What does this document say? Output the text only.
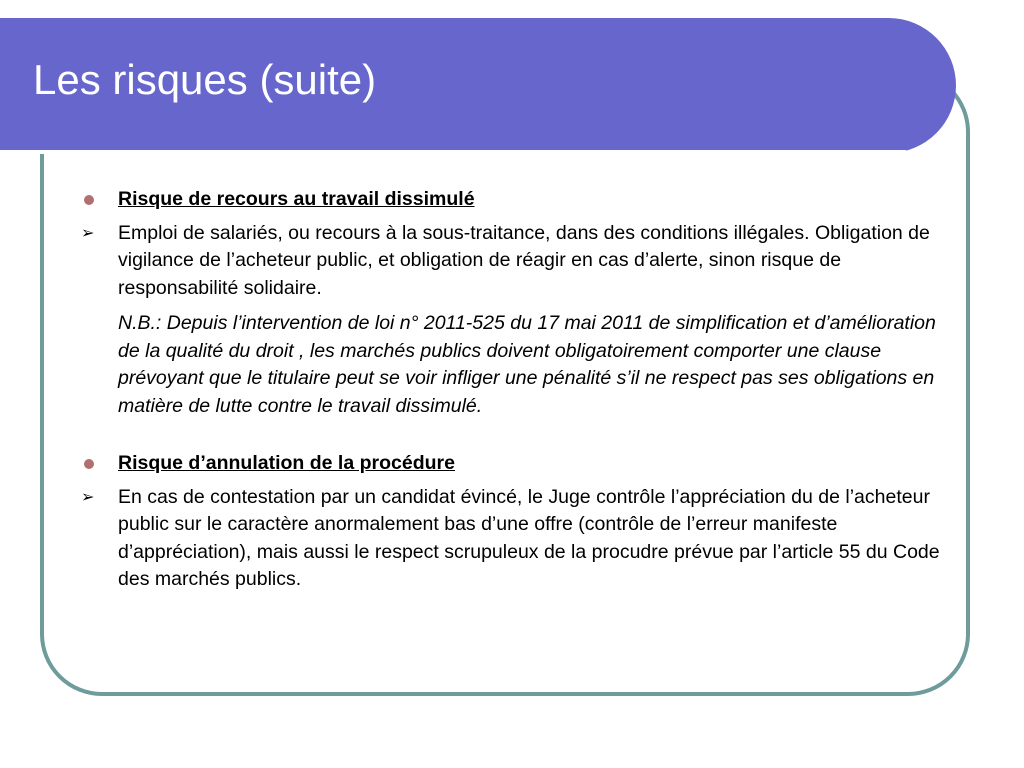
Les risques (suite)

Risque de recours au travail dissimulé

➢ Emploi de salariés, ou recours à la sous-traitance, dans des conditions illégales. Obligation de vigilance de l’acheteur public, et obligation de réagir en cas d’alerte, sinon risque de responsabilité solidaire.

N.B.: Depuis l’intervention de loi n° 2011-525 du 17 mai 2011 de simplification et d’amélioration de la qualité du droit , les marchés publics doivent obligatoirement comporter une clause prévoyant que le titulaire peut se voir infliger une pénalité s’il ne respect pas ses obligations en matière de lutte contre le travail dissimulé.

Risque d’annulation de la procédure

➢ En cas de contestation par un candidat évincé, le Juge contrôle l’appréciation du de l’acheteur public sur le caractère anormalement bas d’une offre (contrôle de l’erreur manifeste d’appréciation), mais aussi le respect scrupuleux de la procudre prévue par l’article 55 du Code des marchés publics.
